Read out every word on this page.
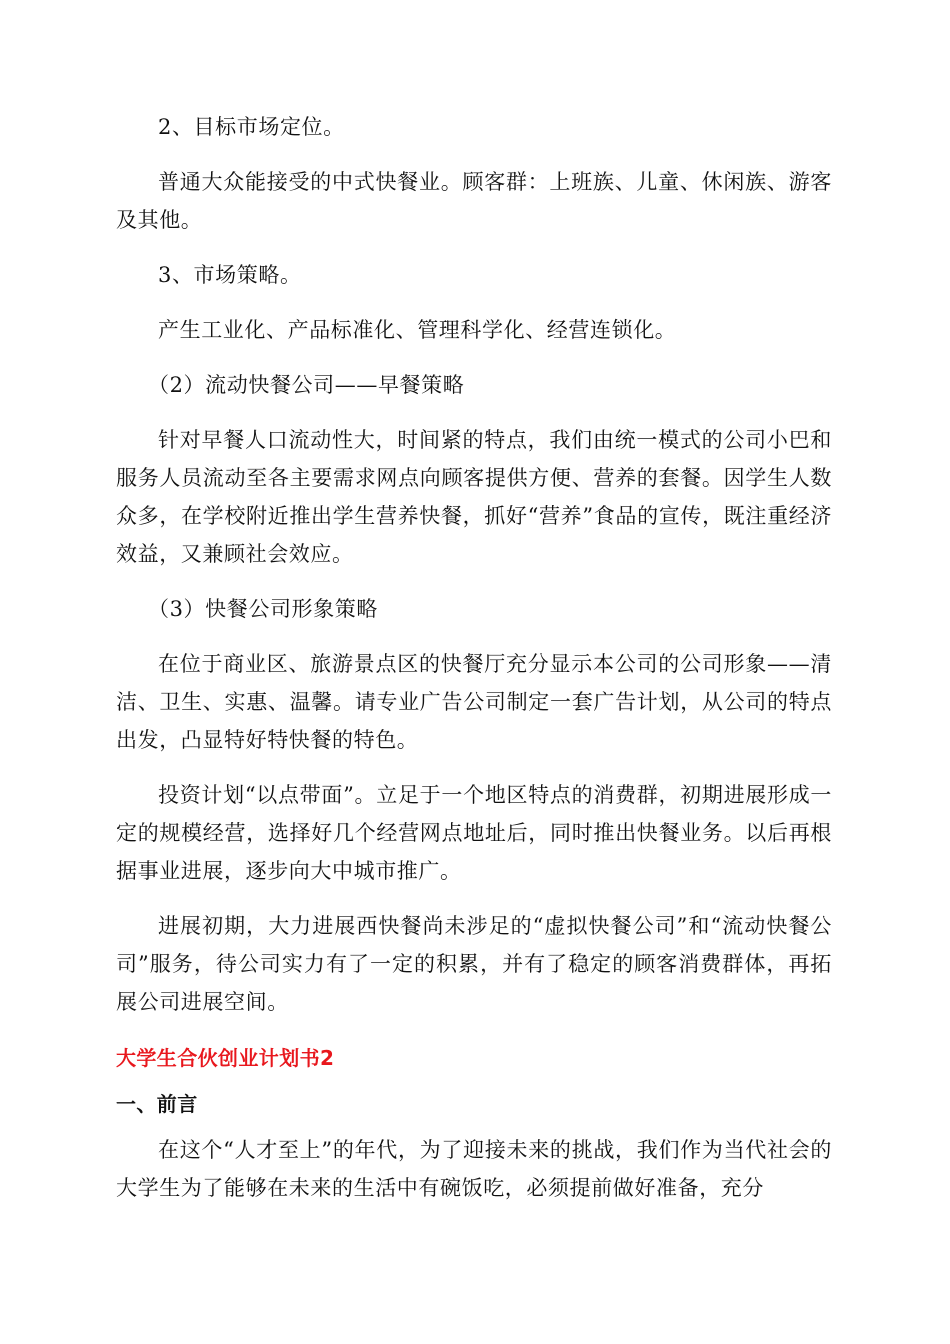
2、目标市场定位。

普通大众能接受的中式快餐业。顾客群：上班族、儿童、休闲族、游客及其他。

3、市场策略。

产生工业化、产品标准化、管理科学化、经营连锁化。

（2）流动快餐公司——早餐策略

针对早餐人口流动性大，时间紧的特点，我们由统一模式的公司小巴和服务人员流动至各主要需求网点向顾客提供方便、营养的套餐。因学生人数众多，在学校附近推出学生营养快餐，抓好“营养”食品的宣传，既注重经济效益，又兼顾社会效应。

（3）快餐公司形象策略

在位于商业区、旅游景点区的快餐厅充分显示本公司的公司形象——清洁、卫生、实惠、温馨。请专业广告公司制定一套广告计划，从公司的特点出发，凸显特好特快餐的特色。

投资计划“以点带面”。立足于一个地区特点的消费群，初期进展形成一定的规模经营，选择好几个经营网点地址后，同时推出快餐业务。以后再根据事业进展，逐步向大中城市推广。

进展初期，大力进展西快餐尚未涉足的“虚拟快餐公司”和“流动快餐公司”服务，待公司实力有了一定的积累，并有了稳定的顾客消费群体，再拓展公司进展空间。

大学生合伙创业计划书2
一、前言

在这个“人才至上”的年代，为了迎接未来的挑战，我们作为当代社会的大学生为了能够在未来的生活中有碗饭吃，必须提前做好准备，充分
